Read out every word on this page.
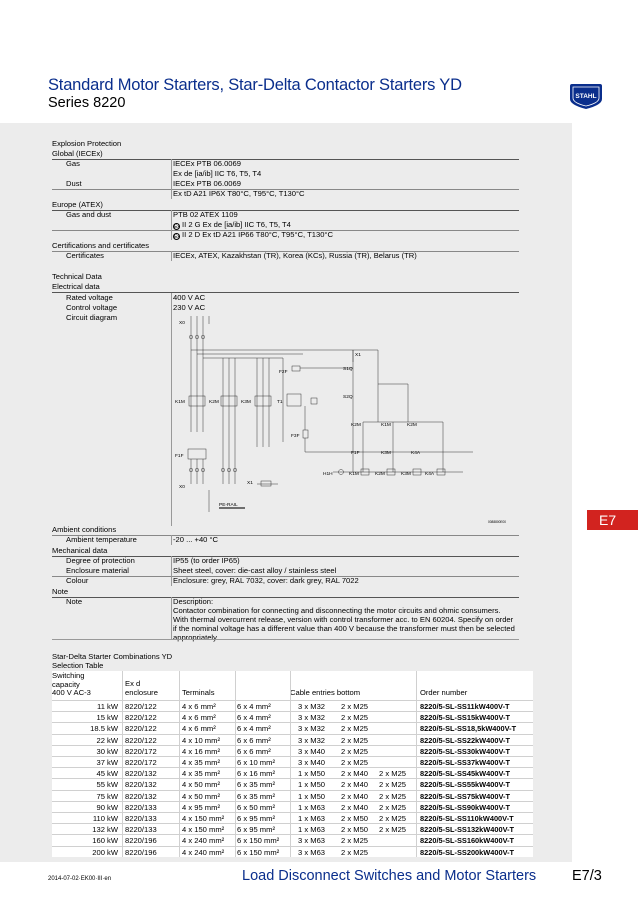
Standard Motor Starters, Star-Delta Contactor Starters YD
Series 8220	STAHL
E7
Explosion Protection
Global (IECEx)
Gas	IECEx PTB 06.0069
Ex de [ia/ib] IIC T6, T5, T4
Dust	IECEx PTB 06.0069
Ex tD A21 IP6X T80°C, T95°C, T130°C
Europe (ATEX)
Gas and dust	PTB 02 ATEX 1109
Ex II 2 G Ex de [ia/ib] IIC T6, T5, T4
Ex II 2 D Ex tD A21 IP66 T80°C, T95°C, T130°C
Certifications and certificates
Certificates	IECEx, ATEX, Kazakhstan (TR), Korea (KCs), Russia (TR), Belarus (TR)
Technical Data
Electrical data
Rated voltage	400 V AC
Control voltage	230 V AC
Circuit diagram
X0
K1M	K2M	K3M	T1
F2F
F3F
X1
S1Q
S2Q
K2M	K1M	K2M
K3M	K4A
F1F
H1H	K1M	K2M	K3M	K4A
F1F
X0
X1
PE-RAIL
0088800E00
Ambient conditions
Ambient temperature	-20 ... +40 °C
Mechanical data
Degree of protection	IP55 (to order IP65)
Enclosure material	Sheet steel, cover: die-cast alloy / stainless steel
Colour	Enclosure: grey, RAL 7032, cover: dark grey, RAL 7022
Note
Note	Description:
Contactor combination for connecting and disconnecting the motor circuits and ohmic consumers.
With thermal overcurrent release, version with control transformer acc. to EN 60204. Specify on order if the nominal voltage has a different value than 400 V because the transformer must then be selected appropriately.
Star-Delta Starter Combinations YD
Selection Table
Switching
capacity
400 V AC-3
Ex d
enclosure	Terminals	Cable entries bottom	Order number
11 kW 8220/122	4 x 6 mm²	6 x 4 mm²	3 x M32 2 x M25	8220/5-SL-SS11kW400V-T
15 kW 8220/122	4 x 6 mm²	6 x 4 mm²	3 x M32 2 x M25	8220/5-SL-SS15kW400V-T
18.5 kW 8220/122	4 x 6 mm²	6 x 4 mm²	3 x M32 2 x M25	8220/5-SL-SS18,5kW400V-T
22 kW 8220/122	4 x 10 mm² 6 x 6 mm²	3 x M32 2 x M25	8220/5-SL-SS22kW400V-T
30 kW 8220/172	4 x 16 mm² 6 x 6 mm²	3 x M40 2 x M25	8220/5-SL-SS30kW400V-T
37 kW 8220/172	4 x 35 mm² 6 x 10 mm²	3 x M40 2 x M25	8220/5-SL-SS37kW400V-T
45 kW 8220/132	4 x 35 mm² 6 x 16 mm²	1 x M50 2 x M40 2 x M25 8220/5-SL-SS45kW400V-T
55 kW 8220/132	4 x 50 mm² 6 x 35 mm²	1 x M50 2 x M40 2 x M25 8220/5-SL-SS55kW400V-T
75 kW 8220/132	4 x 50 mm² 6 x 35 mm²	1 x M50 2 x M40 2 x M25 8220/5-SL-SS75kW400V-T
90 kW 8220/133	4 x 95 mm² 6 x 50 mm²	1 x M63 2 x M40 2 x M25 8220/5-SL-SS90kW400V-T
110 kW 8220/133	4 x 150 mm² 6 x 95 mm²	1 x M63 2 x M50 2 x M25 8220/5-SL-SS110kW400V-T
132 kW 8220/133	4 x 150 mm² 6 x 95 mm²	1 x M63 2 x M50 2 x M25 8220/5-SL-SS132kW400V-T
160 kW 8220/196	4 x 240 mm² 6 x 150 mm² 3 x M63 2 x M25	8220/5-SL-SS160kW400V-T
200 kW 8220/196	4 x 240 mm² 6 x 150 mm² 3 x M63 2 x M25	8220/5-SL-SS200kW400V-T
2014-07-02·EK00·III·en	Load Disconnect Switches and Motor Starters E7/3
